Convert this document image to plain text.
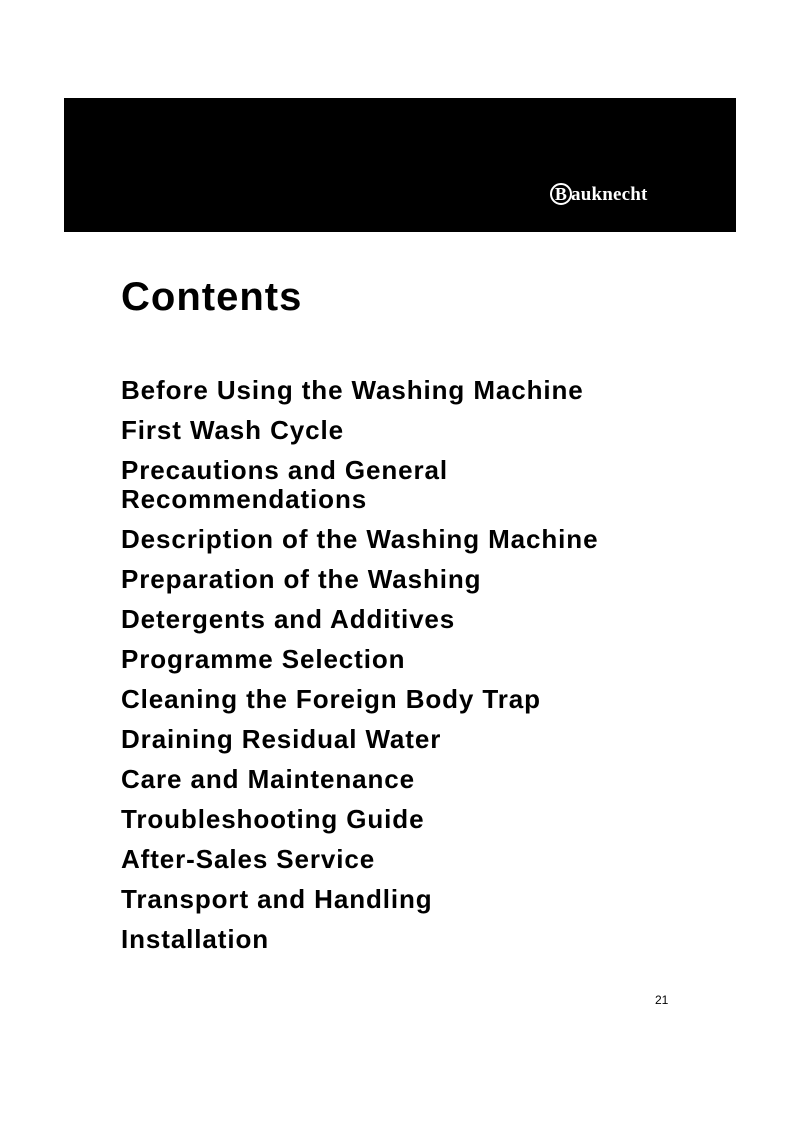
B auknecht
Contents
Before Using the Washing Machine
First Wash Cycle
Precautions and General Recommendations
Description of the Washing Machine
Preparation of the Washing
Detergents and Additives
Programme Selection
Cleaning the Foreign Body Trap
Draining Residual Water
Care and Maintenance
Troubleshooting Guide
After-Sales Service
Transport and Handling
Installation
21
